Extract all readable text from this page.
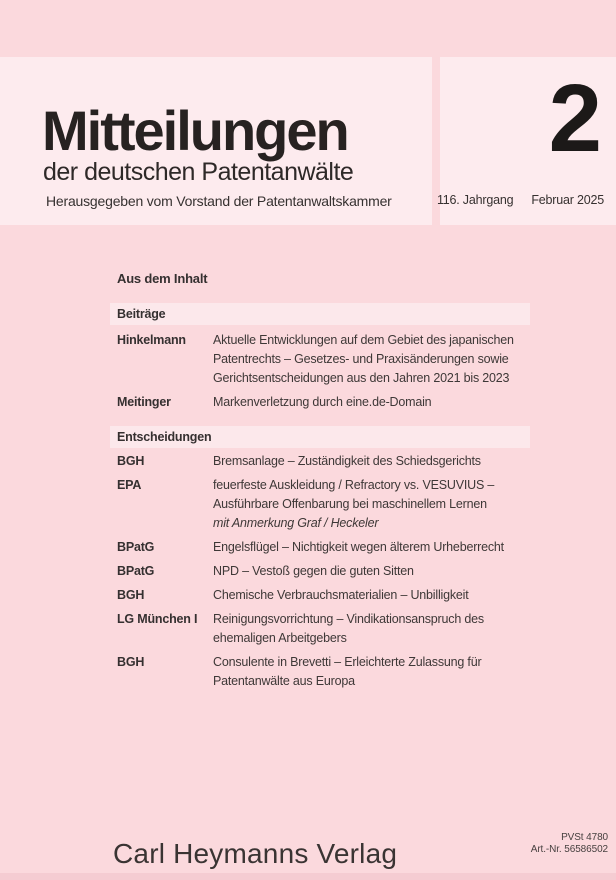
Mitteilungen
der deutschen Patentanwälte
Herausgegeben vom Vorstand der Patentanwaltskammer
2
116. Jahrgang Februar 2025
Aus dem Inhalt
Beiträge
Hinkelmann	Aktuelle Entwicklungen auf dem Gebiet des japanischen
Patentrechts – Gesetzes- und Praxisänderungen sowie
Gerichtsentscheidungen aus den Jahren 2021 bis 2023
Meitinger	Markenverletzung durch eine.de-Domain
Entscheidungen
BGH	Bremsanlage – Zuständigkeit des Schiedsgerichts
EPA	feuerfeste Auskleidung / Refractory vs. VESUVIUS –
Ausführbare Offenbarung bei maschinellem Lernen
mit Anmerkung Graf / Heckeler
BPatG	Engelsflügel – Nichtigkeit wegen älterem Urheberrecht
BPatG	NPD – Vestoß gegen die guten Sitten
BGH	Chemische Verbrauchsmaterialien – Unbilligkeit
LG München I	Reinigungsvorrichtung – Vindikationsanspruch des
ehemaligen Arbeitgebers
BGH	Consulente in Brevetti – Erleichterte Zulassung für
Patentanwälte aus Europa
Carl Heymanns Verlag
PVSt 4780
Art.-Nr. 56586502
